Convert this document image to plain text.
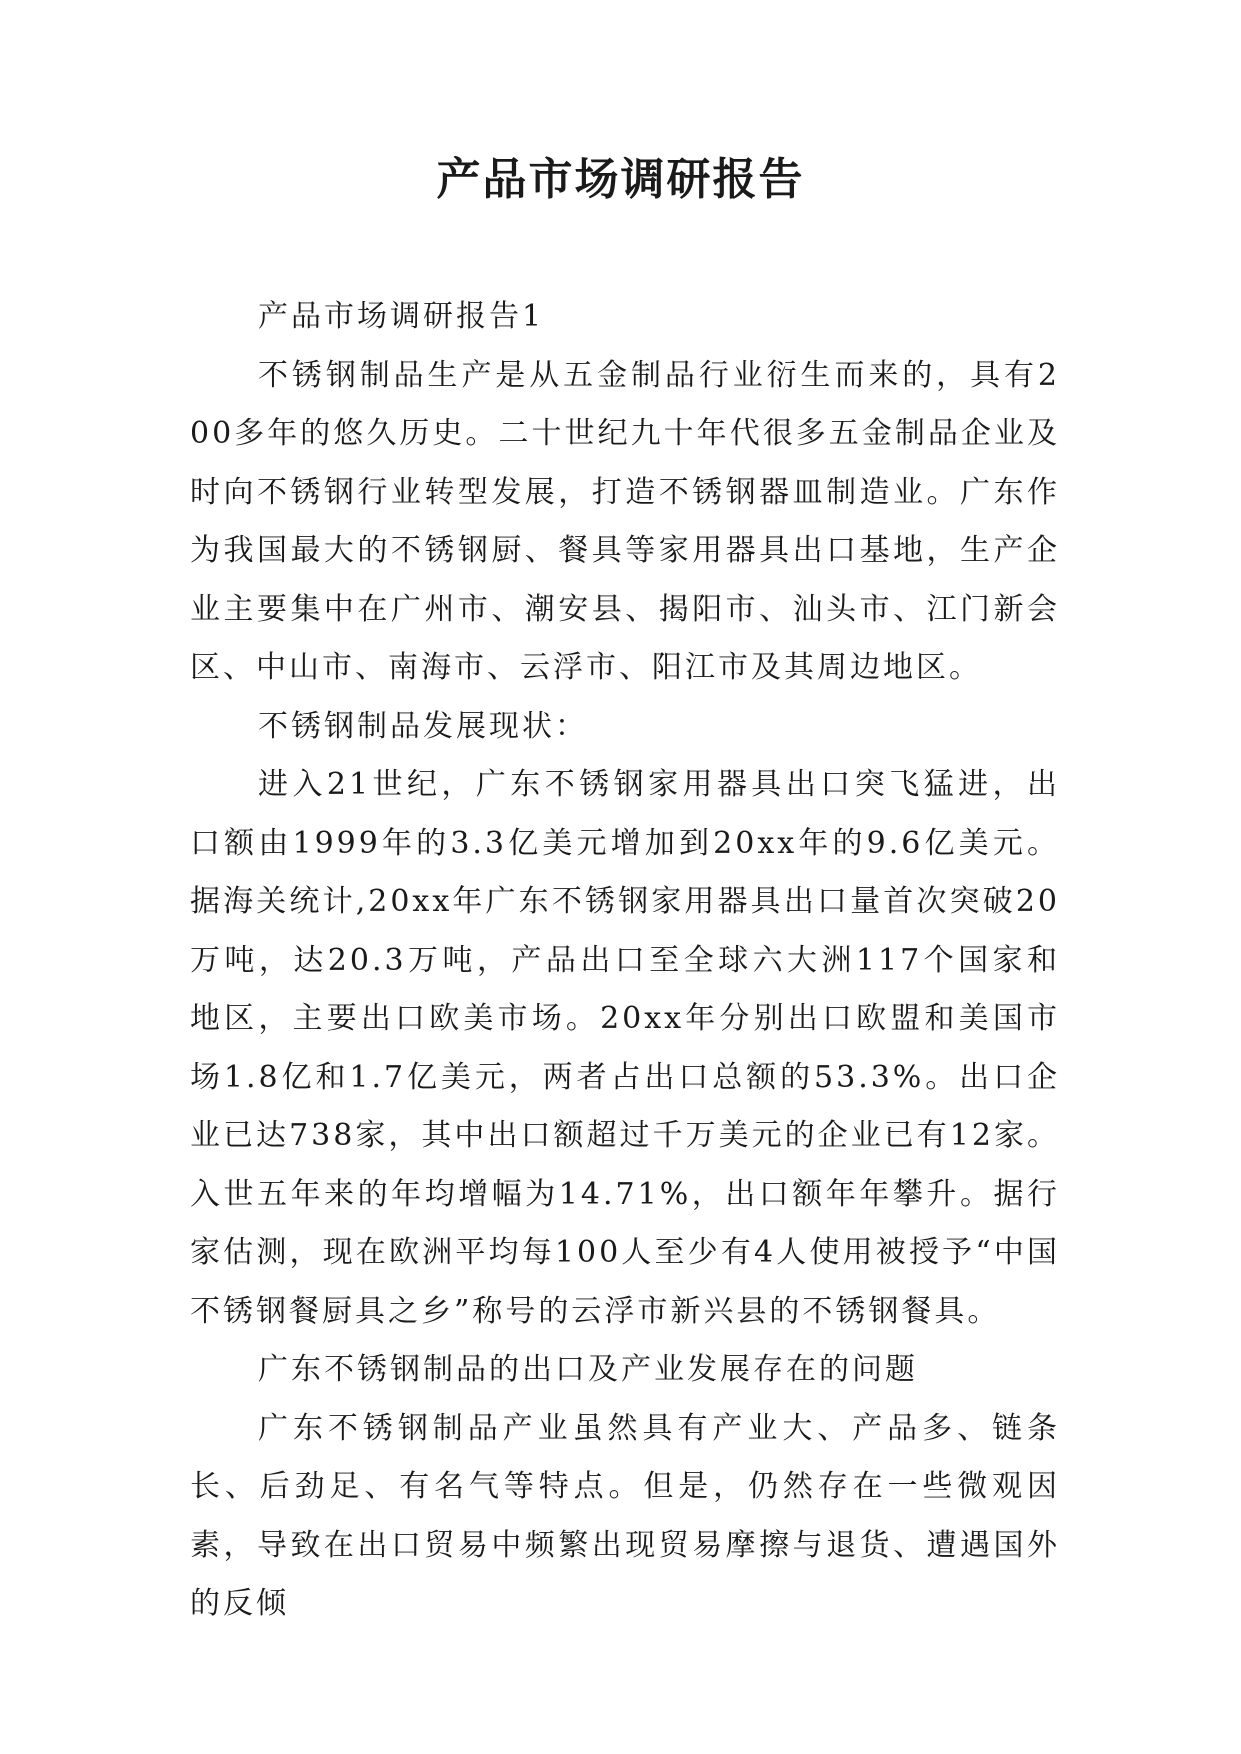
产品市场调研报告

产品市场调研报告1

不锈钢制品生产是从五金制品行业衍生而来的，具有200多年的悠久历史。二十世纪九十年代很多五金制品企业及时向不锈钢行业转型发展，打造不锈钢器皿制造业。广东作为我国最大的不锈钢厨、餐具等家用器具出口基地，生产企业主要集中在广州市、潮安县、揭阳市、汕头市、江门新会区、中山市、南海市、云浮市、阳江市及其周边地区。

不锈钢制品发展现状：

进入21世纪，广东不锈钢家用器具出口突飞猛进，出口额由1999年的3.3亿美元增加到20xx年的9.6亿美元。据海关统计,20xx年广东不锈钢家用器具出口量首次突破20万吨，达20.3万吨，产品出口至全球六大洲117个国家和地区，主要出口欧美市场。20xx年分别出口欧盟和美国市场1.8亿和1.7亿美元，两者占出口总额的53.3%。出口企业已达738家，其中出口额超过千万美元的企业已有12家。入世五年来的年均增幅为14.71%，出口额年年攀升。据行家估测，现在欧洲平均每100人至少有4人使用被授予“中国不锈钢餐厨具之乡”称号的云浮市新兴县的不锈钢餐具。

广东不锈钢制品的出口及产业发展存在的问题

广东不锈钢制品产业虽然具有产业大、产品多、链条长、后劲足、有名气等特点。但是，仍然存在一些微观因素，导致在出口贸易中频繁出现贸易摩擦与退货、遭遇国外的反倾
